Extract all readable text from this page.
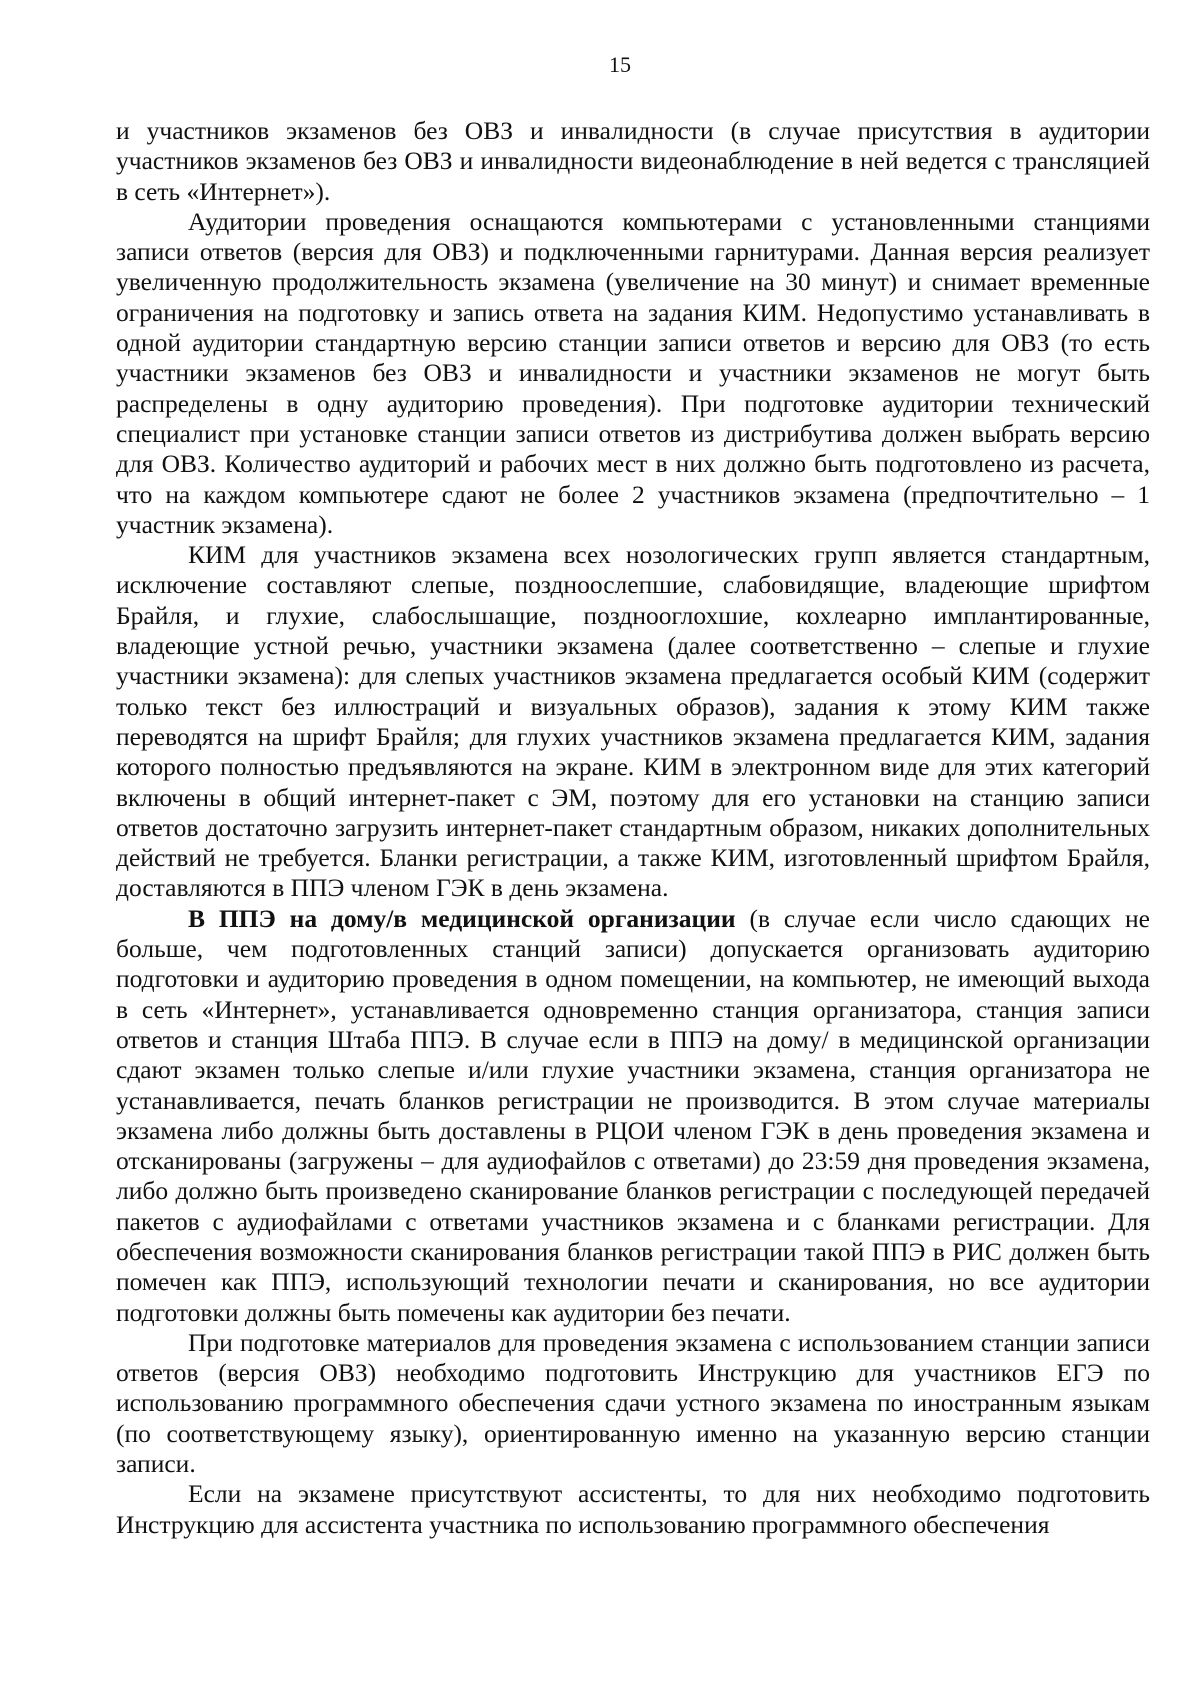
15

и участников экзаменов без ОВЗ и инвалидности (в случае присутствия в аудитории участников экзаменов без ОВЗ и инвалидности видеонаблюдение в ней ведется с трансляцией в сеть «Интернет»).

Аудитории проведения оснащаются компьютерами с установленными станциями записи ответов (версия для ОВЗ) и подключенными гарнитурами. Данная версия реализует увеличенную продолжительность экзамена (увеличение на 30 минут) и снимает временные ограничения на подготовку и запись ответа на задания КИМ. Недопустимо устанавливать в одной аудитории стандартную версию станции записи ответов и версию для ОВЗ (то есть участники экзаменов без ОВЗ и инвалидности и участники экзаменов не могут быть распределены в одну аудиторию проведения). При подготовке аудитории технический специалист при установке станции записи ответов из дистрибутива должен выбрать версию для ОВЗ. Количество аудиторий и рабочих мест в них должно быть подготовлено из расчета, что на каждом компьютере сдают не более 2 участников экзамена (предпочтительно – 1 участник экзамена).

КИМ для участников экзамена всех нозологических групп является стандартным, исключение составляют слепые, поздноослепшие, слабовидящие, владеющие шрифтом Брайля, и глухие, слабослышащие, позднооглохшие, кохлеарно имплантированные, владеющие устной речью, участники экзамена (далее соответственно – слепые и глухие участники экзамена): для слепых участников экзамена предлагается особый КИМ (содержит только текст без иллюстраций и визуальных образов), задания к этому КИМ также переводятся на шрифт Брайля; для глухих участников экзамена предлагается КИМ, задания которого полностью предъявляются на экране. КИМ в электронном виде для этих категорий включены в общий интернет-пакет с ЭМ, поэтому для его установки на станцию записи ответов достаточно загрузить интернет-пакет стандартным образом, никаких дополнительных действий не требуется. Бланки регистрации, а также КИМ, изготовленный шрифтом Брайля, доставляются в ППЭ членом ГЭК в день экзамена.

В ППЭ на дому/в медицинской организации (в случае если число сдающих не больше, чем подготовленных станций записи) допускается организовать аудиторию подготовки и аудиторию проведения в одном помещении, на компьютер, не имеющий выхода в сеть «Интернет», устанавливается одновременно станция организатора, станция записи ответов и станция Штаба ППЭ. В случае если в ППЭ на дому/ в медицинской организации сдают экзамен только слепые и/или глухие участники экзамена, станция организатора не устанавливается, печать бланков регистрации не производится. В этом случае материалы экзамена либо должны быть доставлены в РЦОИ членом ГЭК в день проведения экзамена и отсканированы (загружены – для аудиофайлов с ответами) до 23:59 дня проведения экзамена, либо должно быть произведено сканирование бланков регистрации с последующей передачей пакетов с аудиофайлами с ответами участников экзамена и с бланками регистрации. Для обеспечения возможности сканирования бланков регистрации такой ППЭ в РИС должен быть помечен как ППЭ, использующий технологии печати и сканирования, но все аудитории подготовки должны быть помечены как аудитории без печати.

При подготовке материалов для проведения экзамена с использованием станции записи ответов (версия ОВЗ) необходимо подготовить Инструкцию для участников ЕГЭ по использованию программного обеспечения сдачи устного экзамена по иностранным языкам (по соответствующему языку), ориентированную именно на указанную версию станции записи.

Если на экзамене присутствуют ассистенты, то для них необходимо подготовить Инструкцию для ассистента участника по использованию программного обеспечения
